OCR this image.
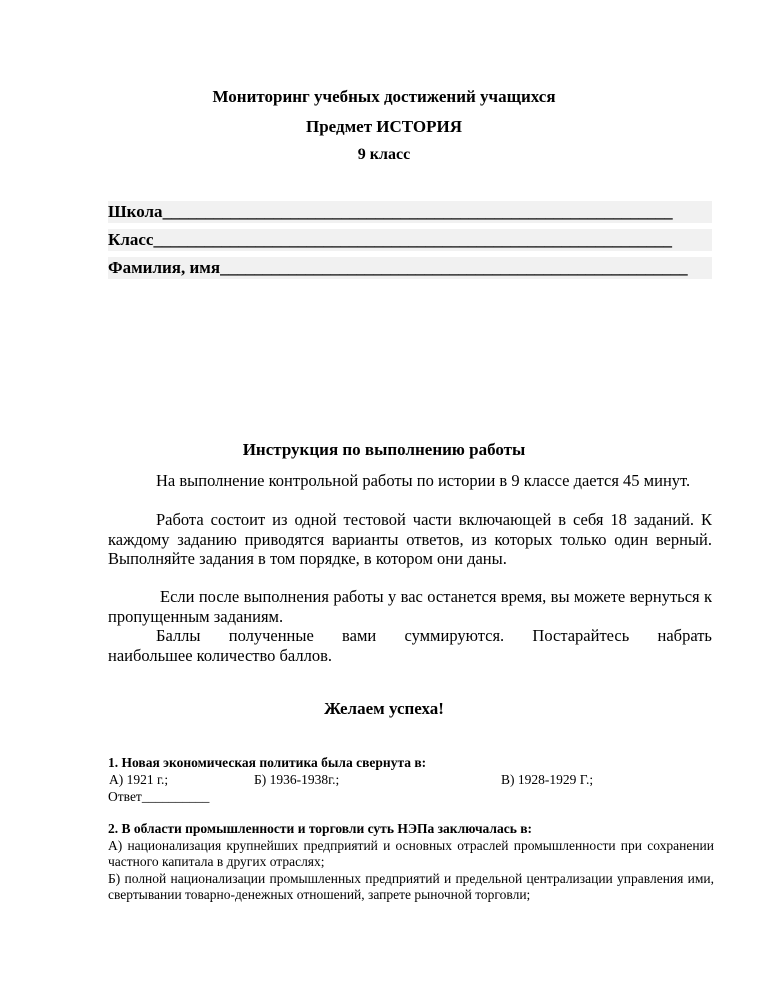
Мониторинг учебных достижений учащихся
Предмет ИСТОРИЯ
9 класс
Школа____________________________________________________________
Класс_____________________________________________________________
Фамилия, имя_______________________________________________________
Инструкция по выполнению работы
На выполнение контрольной работы по истории в 9 классе дается 45 минут.
Работа состоит из одной тестовой части включающей в себя 18 заданий. К каждому заданию приводятся варианты ответов, из которых только один верный. Выполняйте задания в том порядке, в котором они даны.
Если после выполнения работы у вас останется время, вы можете вернуться к пропущенным заданиям.
Баллы полученные вами суммируются. Постарайтесь набрать
наибольшее количество баллов.
Желаем успеха!
1. Новая экономическая политика была свернута в:
А) 1921 г.;	Б) 1936-1938г.;	В) 1928-1929 Г.;
Ответ__________
2. В области промышленности и торговли суть НЭПа заключалась в:
А) национализация крупнейших предприятий и основных отраслей промышленности при сохранении частного капитала в других отраслях;
Б) полной национализации промышленных предприятий и предельной централизации управления ими, свертывании товарно-денежных отношений, запрете рыночной торговли;
